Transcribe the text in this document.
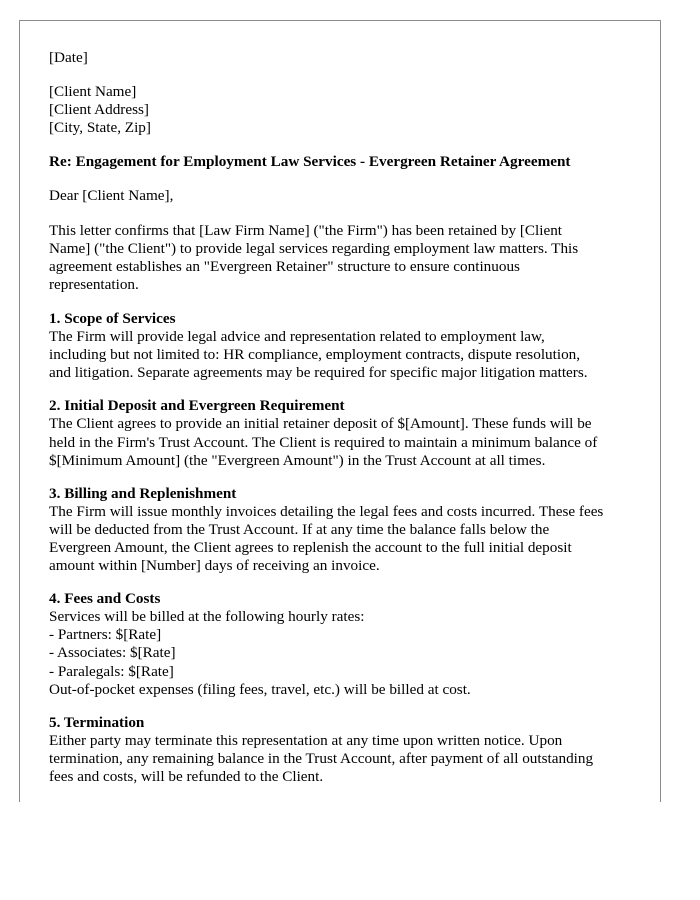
[Date]
[Client Name]
[Client Address]
[City, State, Zip]
Re: Engagement for Employment Law Services - Evergreen Retainer Agreement
Dear [Client Name],
This letter confirms that [Law Firm Name] ("the Firm") has been retained by [Client
Name] ("the Client") to provide legal services regarding employment law matters. This
agreement establishes an "Evergreen Retainer" structure to ensure continuous
representation.
1. Scope of Services
The Firm will provide legal advice and representation related to employment law,
including but not limited to: HR compliance, employment contracts, dispute resolution,
and litigation. Separate agreements may be required for specific major litigation matters.
2. Initial Deposit and Evergreen Requirement
The Client agrees to provide an initial retainer deposit of $[Amount]. These funds will be
held in the Firm's Trust Account. The Client is required to maintain a minimum balance of
$[Minimum Amount] (the "Evergreen Amount") in the Trust Account at all times.
3. Billing and Replenishment
The Firm will issue monthly invoices detailing the legal fees and costs incurred. These fees
will be deducted from the Trust Account. If at any time the balance falls below the
Evergreen Amount, the Client agrees to replenish the account to the full initial deposit
amount within [Number] days of receiving an invoice.
4. Fees and Costs
Services will be billed at the following hourly rates:
- Partners: $[Rate]
- Associates: $[Rate]
- Paralegals: $[Rate]
Out-of-pocket expenses (filing fees, travel, etc.) will be billed at cost.
5. Termination
Either party may terminate this representation at any time upon written notice. Upon
termination, any remaining balance in the Trust Account, after payment of all outstanding
fees and costs, will be refunded to the Client.
